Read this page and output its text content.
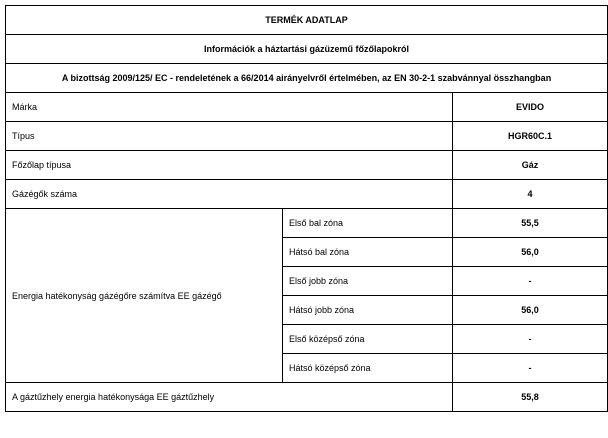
TERMÉK ADATLAP		
Információk a háztartási gázüzemű főzőlapokról		
A bizottság 2009/125/ EC - rendeletének a 66/2014 airányelvről értelmében, az EN 30-2-1 szabvánnyal összhangban		
Márka		EVIDO
Típus		HGR60C.1
Főzőlap típusa		Gáz
Gázégők száma		4
Energia hatékonyság gázégőre számítva EE gázégő	Első bal zóna	55,5
	Hátsó bal zóna	56,0
	Első jobb zóna	-
	Hátsó jobb zóna	56,0
	Első középső zóna	-
	Hátsó középső zóna	-
A gáztűzhely energia hatékonysága EE gáztűzhely		55,8
